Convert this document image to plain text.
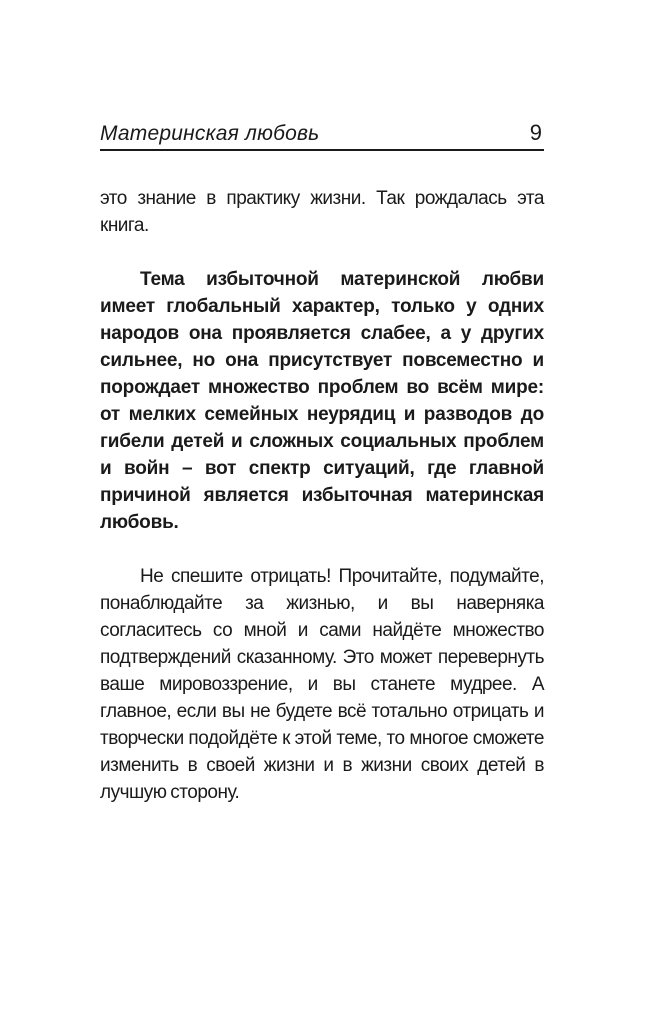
Материнская любовь	9

это знание в практику жизни. Так рождалась эта книга.

Тема избыточной материнской любви имеет глобальный характер, только у одних народов она проявляется слабее, а у других сильнее, но она присутствует повсеместно и порождает множество проблем во всём мире: от мелких семейных неурядиц и разводов до гибели детей и сложных социальных проблем и войн – вот спектр ситуаций, где главной причиной является избыточная материнская любовь.

Не спешите отрицать! Прочитайте, подумайте, понаблюдайте за жизнью, и вы наверняка согласитесь со мной и сами найдёте множество подтверждений сказанному. Это может перевернуть ваше мировоззрение, и вы станете мудрее. А главное, если вы не будете всё тотально отрицать и творчески подойдёте к этой теме, то многое сможете изменить в своей жизни и в жизни своих детей в лучшую сторону.
